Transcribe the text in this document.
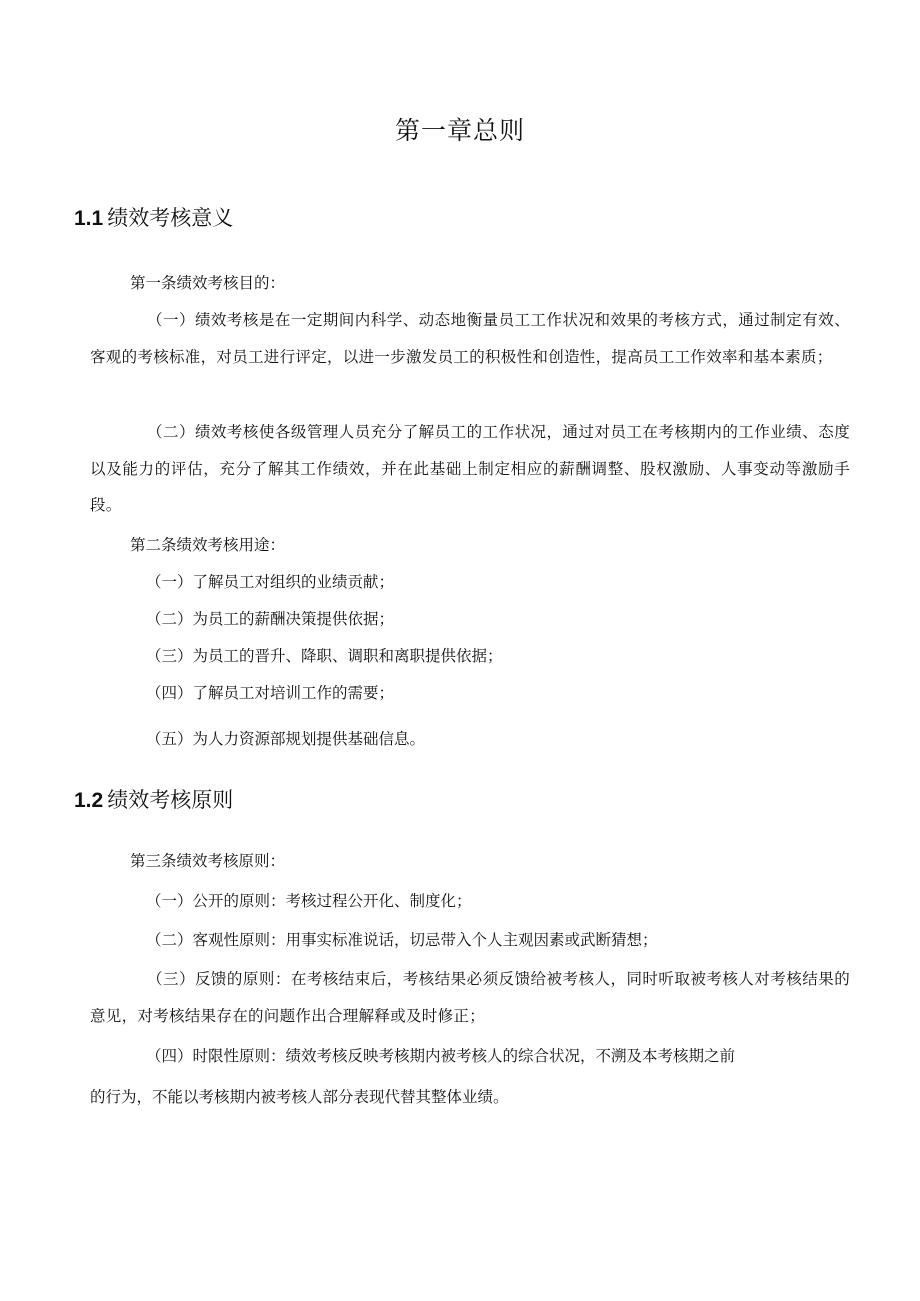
第一章总则
1.1 绩效考核意义

第一条绩效考核目的：

（一）绩效考核是在一定期间内科学、动态地衡量员工工作状况和效果的考核方式，通过制定有效、客观的考核标准，对员工进行评定，以进一步激发员工的积极性和创造性，提高员工工作效率和基本素质；

（二）绩效考核使各级管理人员充分了解员工的工作状况，通过对员工在考核期内的工作业绩、态度以及能力的评估，充分了解其工作绩效，并在此基础上制定相应的薪酬调整、股权激励、人事变动等激励手段。

第二条绩效考核用途：

（一）了解员工对组织的业绩贡献；

（二）为员工的薪酬决策提供依据；

（三）为员工的晋升、降职、调职和离职提供依据；

（四）了解员工对培训工作的需要；

（五）为人力资源部规划提供基础信息。

1.2 绩效考核原则

第三条绩效考核原则：

（一）公开的原则：考核过程公开化、制度化；

（二）客观性原则：用事实标准说话，切忌带入个人主观因素或武断猜想；

（三）反馈的原则：在考核结束后，考核结果必须反馈给被考核人，同时听取被考核人对考核结果的意见，对考核结果存在的问题作出合理解释或及时修正；

（四）时限性原则：绩效考核反映考核期内被考核人的综合状况，不溯及本考核期之前

的行为，不能以考核期内被考核人部分表现代替其整体业绩。
